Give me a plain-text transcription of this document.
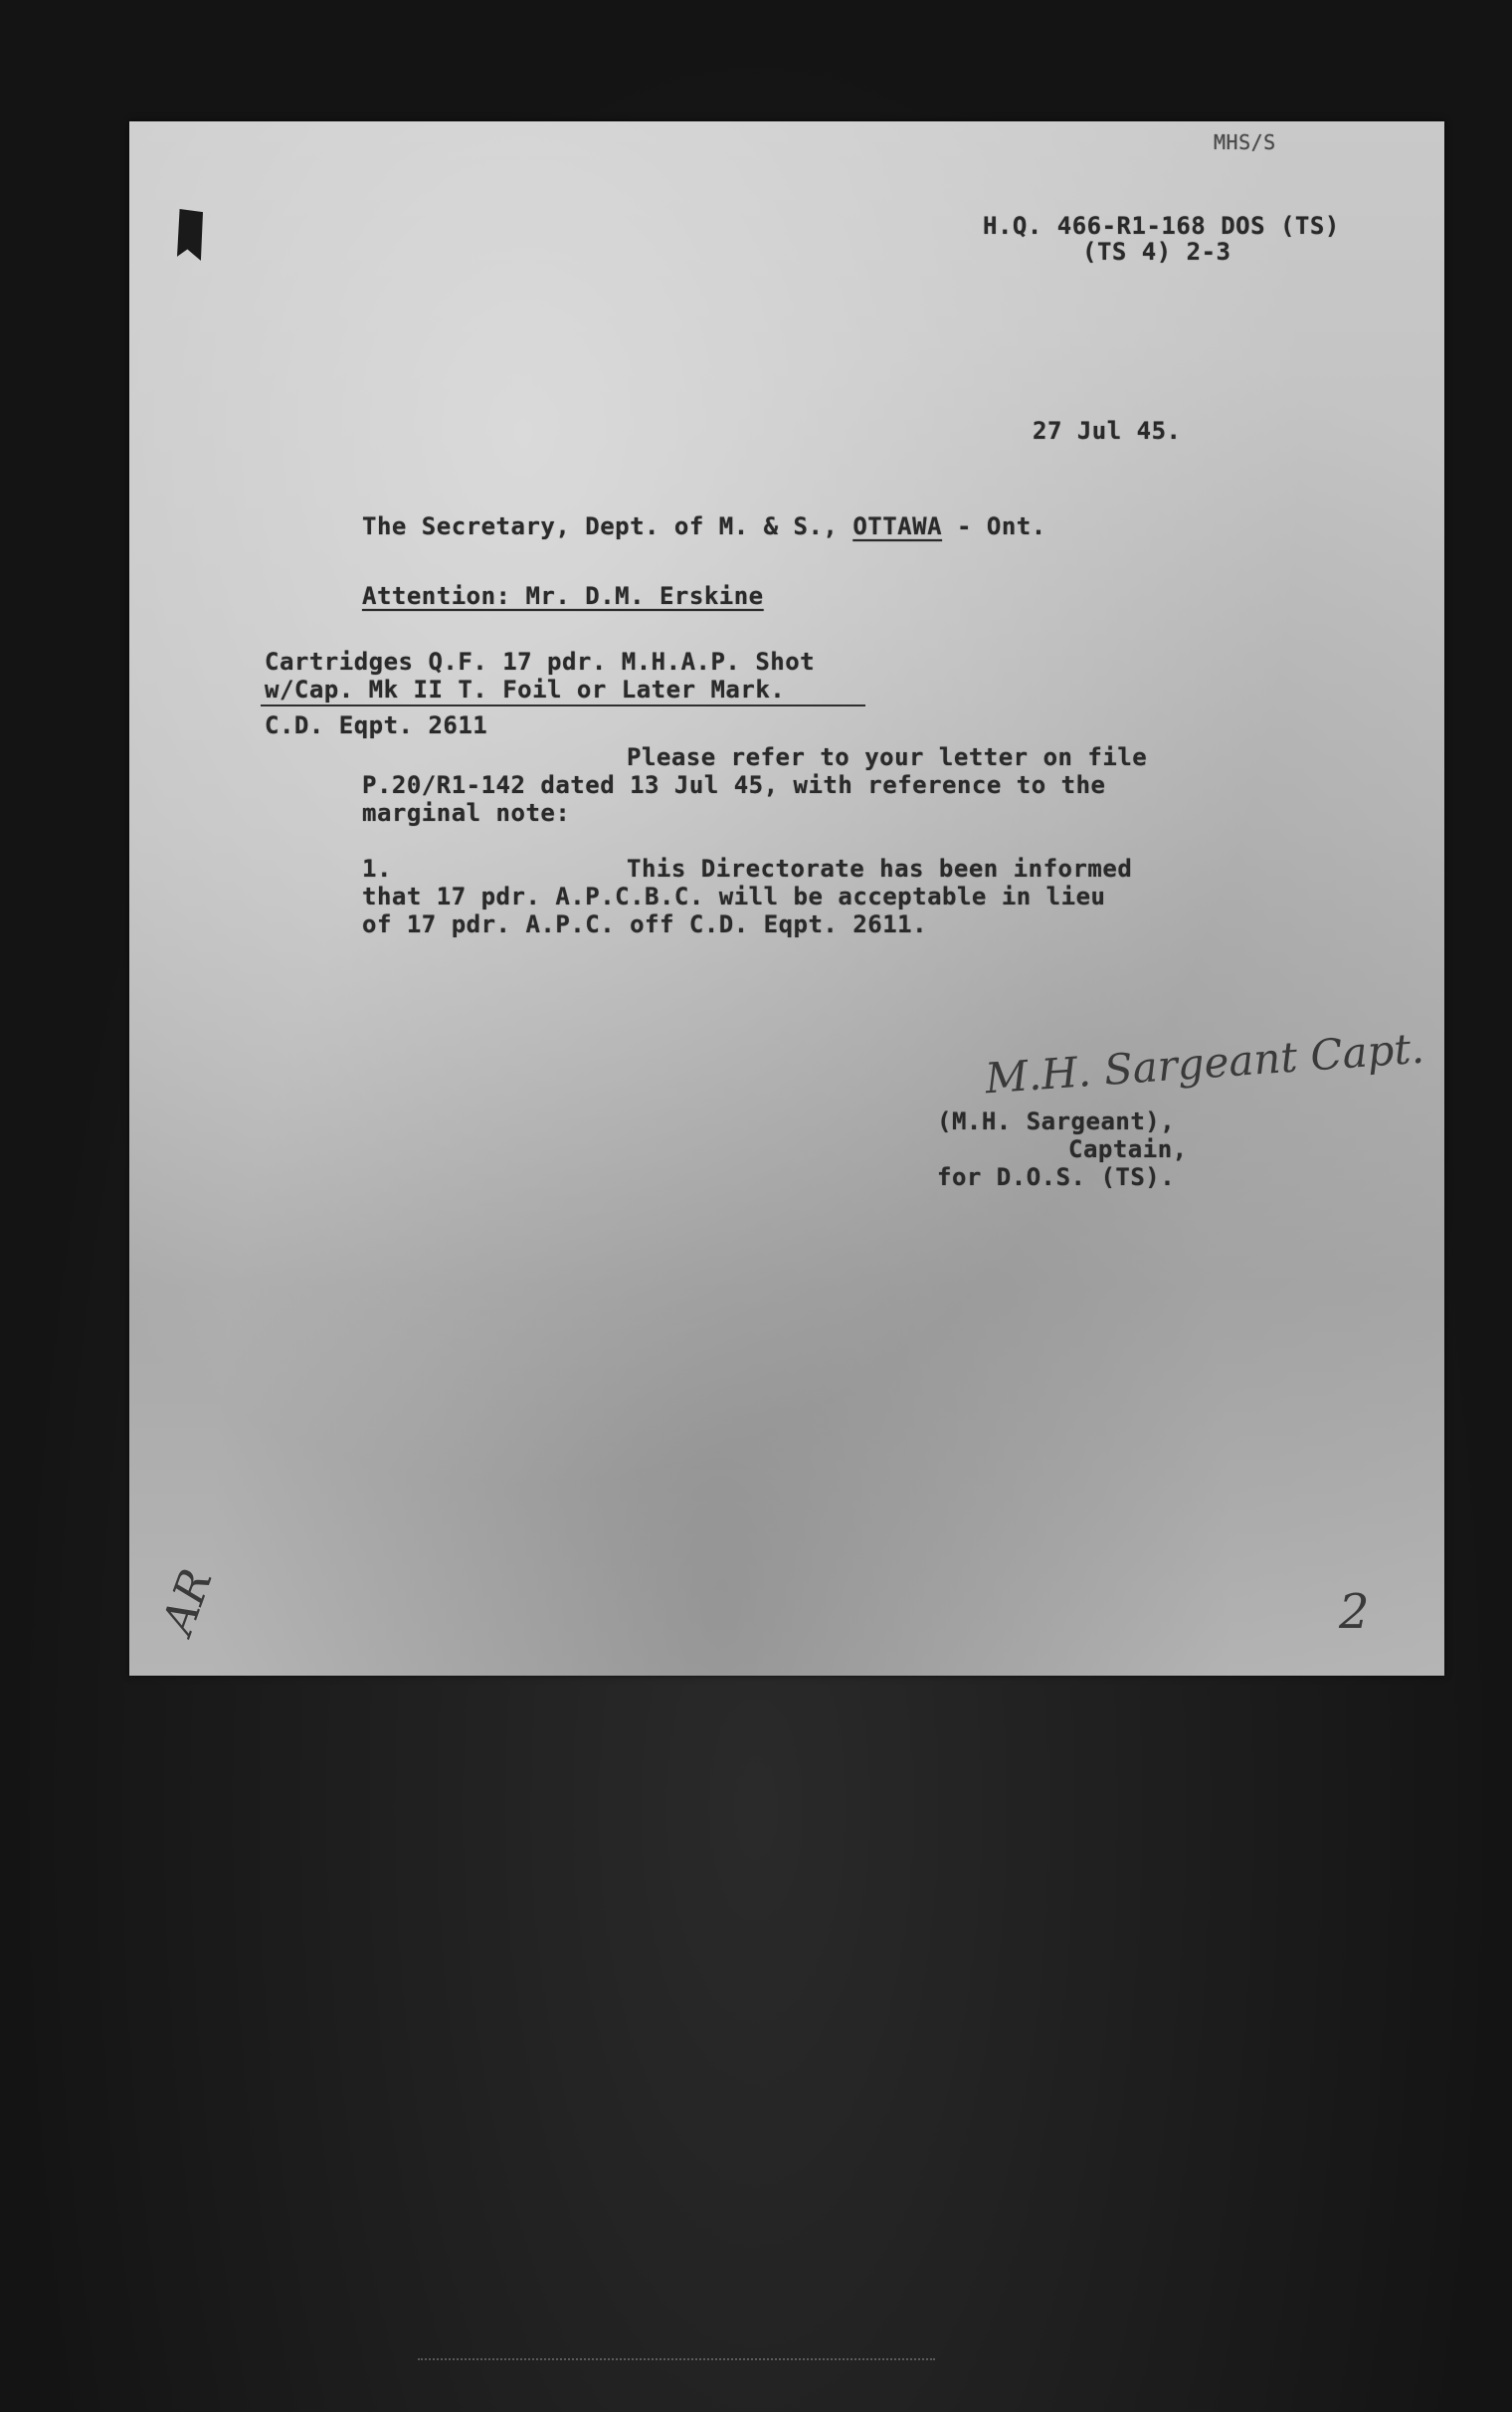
MHS/S
H.Q. 466-R1-168 DOS (TS)
(TS 4) 2-3
27 Jul 45.
The Secretary, Dept. of M. & S., OTTAWA - Ont.
Attention: Mr. D.M. Erskine
Cartridges Q.F. 17 pdr. M.H.A.P. Shot
w/Cap. Mk II T. Foil or Later Mark.
C.D. Eqpt. 2611
Please refer to your letter on file
P.20/R1-142 dated 13 Jul 45, with reference to the
marginal note:
1.	This Directorate has been informed
that 17 pdr. A.P.C.B.C. will be acceptable in lieu
of 17 pdr. A.P.C. off C.D. Eqpt. 2611.
M.H. Sargeant Capt.
(M.H. Sargeant),
Captain,
for D.O.S. (TS).
AR	2
